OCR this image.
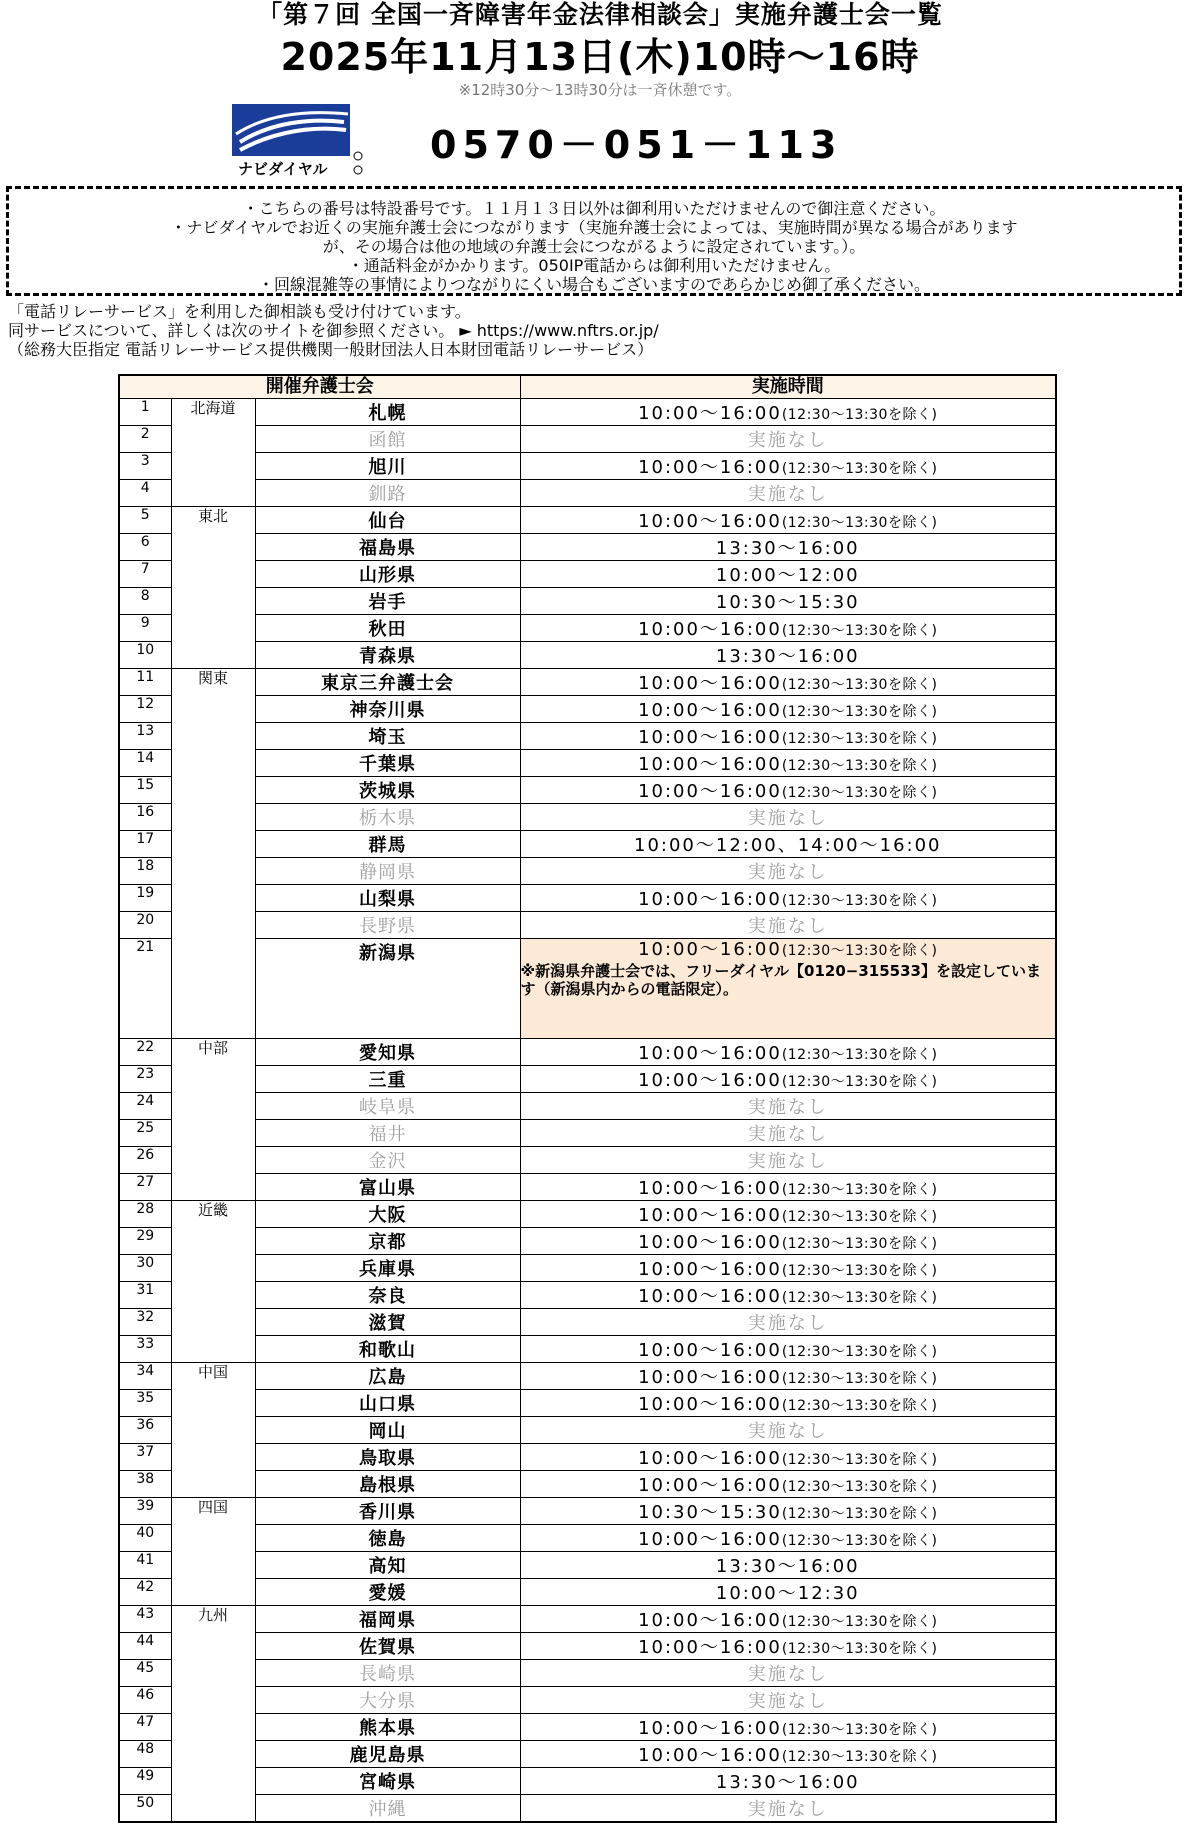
「第７回 全国一斉障害年金法律相談会」実施弁護士会一覧
2025年11月13日(木)10時～16時
※12時30分～13時30分は一斉休憩です。
ナビダイヤル
0570－051－113
・こちらの番号は特設番号です。１１月１３日以外は御利用いただけませんので御注意ください。
・ナビダイヤルでお近くの実施弁護士会につながります（実施弁護士会によっては、実施時間が異なる場合があります
が、その場合は他の地域の弁護士会につながるように設定されています。）。
・通話料金がかかります。050IP電話からは御利用いただけません。
・回線混雑等の事情によりつながりにくい場合もございますのであらかじめ御了承ください。
「電話リレーサービス」を利用した御相談も受け付けています。
同サービスについて、詳しくは次のサイトを御参照ください。 ► https://www.nftrs.or.jp/
（総務大臣指定 電話リレーサービス提供機関一般財団法人日本財団電話リレーサービス）
開催弁護士会			実施時間
1	北海道	札幌	10:00～16:00(12:30～13:30を除く)
2		函館	実施なし
3		旭川	10:00～16:00(12:30～13:30を除く)
4		釧路	実施なし
5	東北	仙台	10:00～16:00(12:30～13:30を除く)
6		福島県	13:30～16:00
7		山形県	10:00～12:00
8		岩手	10:30～15:30
9		秋田	10:00～16:00(12:30～13:30を除く)
10		青森県	13:30～16:00
11	関東	東京三弁護士会	10:00～16:00(12:30～13:30を除く)
12		神奈川県	10:00～16:00(12:30～13:30を除く)
13		埼玉	10:00～16:00(12:30～13:30を除く)
14		千葉県	10:00～16:00(12:30～13:30を除く)
15		茨城県	10:00～16:00(12:30～13:30を除く)
16		栃木県	実施なし
17		群馬	10:00～12:00、14:00～16:00
18		静岡県	実施なし
19		山梨県	10:00～16:00(12:30～13:30を除く)
20		長野県	実施なし
21		新潟県	10:00～16:00(12:30～13:30を除く)
※新潟県弁護士会では、フリーダイヤル【0120−315533】を設定しています（新潟県内からの電話限定）。

22	中部	愛知県	10:00～16:00(12:30～13:30を除く)
23		三重	10:00～16:00(12:30～13:30を除く)
24		岐阜県	実施なし
25		福井	実施なし
26		金沢	実施なし
27		富山県	10:00～16:00(12:30～13:30を除く)
28	近畿	大阪	10:00～16:00(12:30～13:30を除く)
29		京都	10:00～16:00(12:30～13:30を除く)
30		兵庫県	10:00～16:00(12:30～13:30を除く)
31		奈良	10:00～16:00(12:30～13:30を除く)
32		滋賀	実施なし
33		和歌山	10:00～16:00(12:30～13:30を除く)
34	中国	広島	10:00～16:00(12:30～13:30を除く)
35		山口県	10:00～16:00(12:30～13:30を除く)
36		岡山	実施なし
37		鳥取県	10:00～16:00(12:30～13:30を除く)
38		島根県	10:00～16:00(12:30～13:30を除く)
39	四国	香川県	10:30～15:30(12:30～13:30を除く)
40		徳島	10:00～16:00(12:30～13:30を除く)
41		高知	13:30～16:00
42		愛媛	10:00～12:30
43	九州	福岡県	10:00～16:00(12:30～13:30を除く)
44		佐賀県	10:00～16:00(12:30～13:30を除く)
45		長崎県	実施なし
46		大分県	実施なし
47		熊本県	10:00～16:00(12:30～13:30を除く)
48		鹿児島県	10:00～16:00(12:30～13:30を除く)
49		宮崎県	13:30～16:00
50		沖縄	実施なし
